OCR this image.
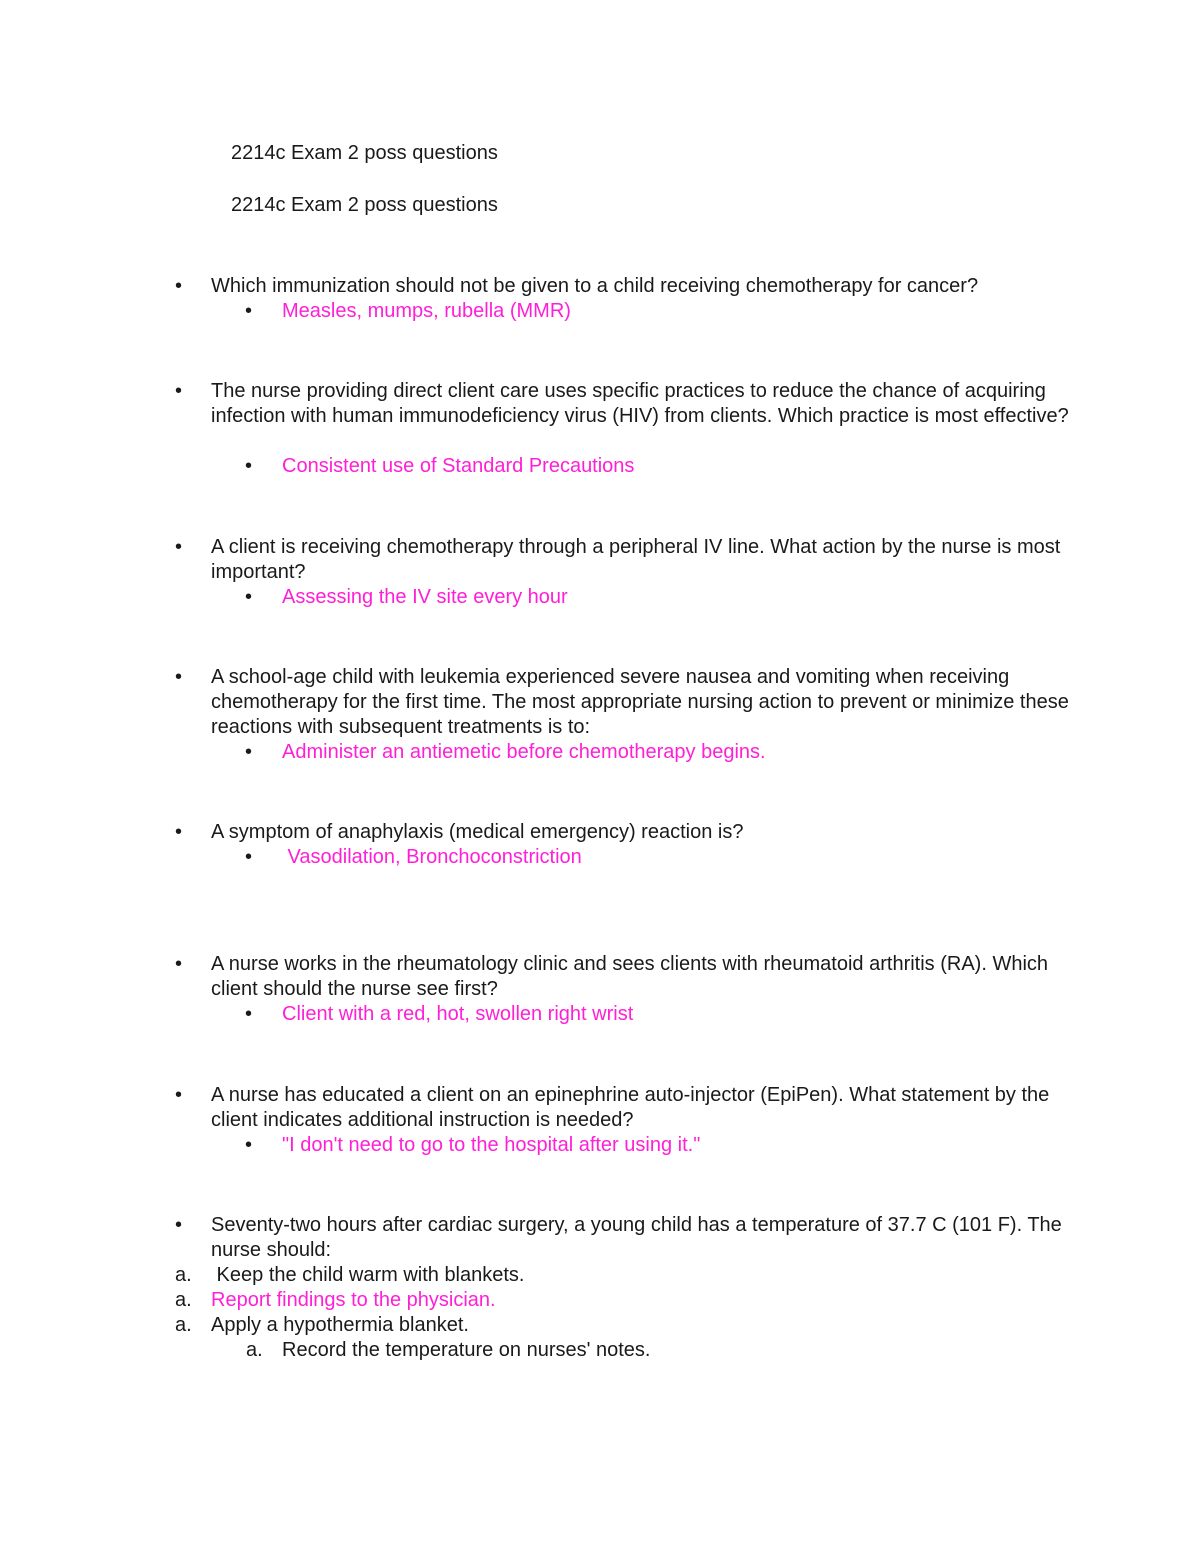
2214c Exam 2 poss questions
2214c Exam 2 poss questions
• Which immunization should not be given to a child receiving chemotherapy for cancer?
• Measles, mumps, rubella (MMR)
• The nurse providing direct client care uses specific practices to reduce the chance of acquiring infection with human immunodeficiency virus (HIV) from clients. Which practice is most effective?
• Consistent use of Standard Precautions
• A client is receiving chemotherapy through a peripheral IV line. What action by the nurse is most important?
• Assessing the IV site every hour
• A school-age child with leukemia experienced severe nausea and vomiting when receiving chemotherapy for the first time. The most appropriate nursing action to prevent or minimize these reactions with subsequent treatments is to:
• Administer an antiemetic before chemotherapy begins.
• A symptom of anaphylaxis (medical emergency) reaction is?
• Vasodilation, Bronchoconstriction
• A nurse works in the rheumatology clinic and sees clients with rheumatoid arthritis (RA). Which client should the nurse see first?
• Client with a red, hot, swollen right wrist
• A nurse has educated a client on an epinephrine auto-injector (EpiPen). What statement by the client indicates additional instruction is needed?
• "I don't need to go to the hospital after using it."
• Seventy-two hours after cardiac surgery, a young child has a temperature of 37.7 C (101 F). The nurse should:
a. Keep the child warm with blankets.
a. Report findings to the physician.
a. Apply a hypothermia blanket.
a. Record the temperature on nurses' notes.
